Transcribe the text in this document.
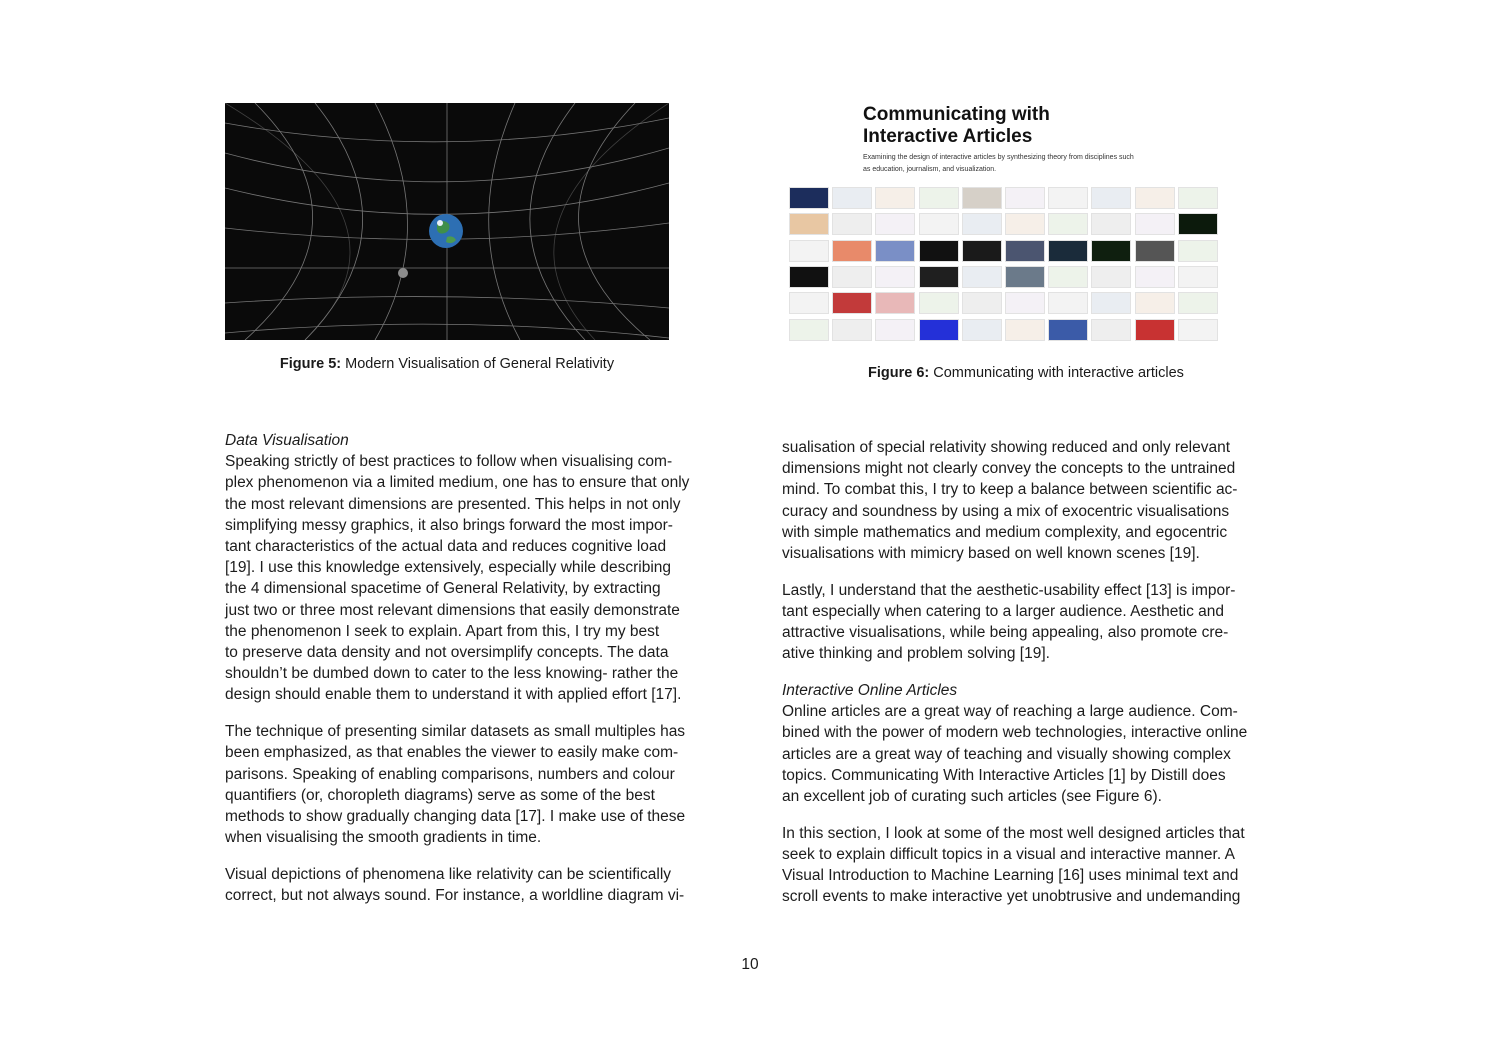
Figure 5: Modern Visualisation of General Relativity
Communicating with
Interactive Articles
Examining the design of interactive articles by synthesizing theory from disciplines such
as education, journalism, and visualization.
Figure 6: Communicating with interactive articles
Data Visualisation

Speaking strictly of best practices to follow when visualising com-
plex phenomenon via a limited medium, one has to ensure that only
the most relevant dimensions are presented. This helps in not only
simplifying messy graphics, it also brings forward the most impor-
tant characteristics of the actual data and reduces cognitive load
[19]. I use this knowledge extensively, especially while describing
the 4 dimensional spacetime of General Relativity, by extracting
just two or three most relevant dimensions that easily demonstrate
the phenomenon I seek to explain. Apart from this, I try my best
to preserve data density and not oversimplify concepts. The data
shouldn’t be dumbed down to cater to the less knowing- rather the
design should enable them to understand it with applied effort [17].

The technique of presenting similar datasets as small multiples has
been emphasized, as that enables the viewer to easily make com-
parisons. Speaking of enabling comparisons, numbers and colour
quantifiers (or, choropleth diagrams) serve as some of the best
methods to show gradually changing data [17]. I make use of these
when visualising the smooth gradients in time.

Visual depictions of phenomena like relativity can be scientifically
correct, but not always sound. For instance, a worldline diagram vi-

sualisation of special relativity showing reduced and only relevant
dimensions might not clearly convey the concepts to the untrained
mind. To combat this, I try to keep a balance between scientific ac-
curacy and soundness by using a mix of exocentric visualisations
with simple mathematics and medium complexity, and egocentric
visualisations with mimicry based on well known scenes [19].

Lastly, I understand that the aesthetic-usability effect [13] is impor-
tant especially when catering to a larger audience. Aesthetic and
attractive visualisations, while being appealing, also promote cre-
ative thinking and problem solving [19].

Interactive Online Articles

Online articles are a great way of reaching a large audience. Com-
bined with the power of modern web technologies, interactive online
articles are a great way of teaching and visually showing complex
topics. Communicating With Interactive Articles [1] by Distill does
an excellent job of curating such articles (see Figure 6).

In this section, I look at some of the most well designed articles that
seek to explain difficult topics in a visual and interactive manner. A
Visual Introduction to Machine Learning [16] uses minimal text and
scroll events to make interactive yet unobtrusive and undemanding

10
